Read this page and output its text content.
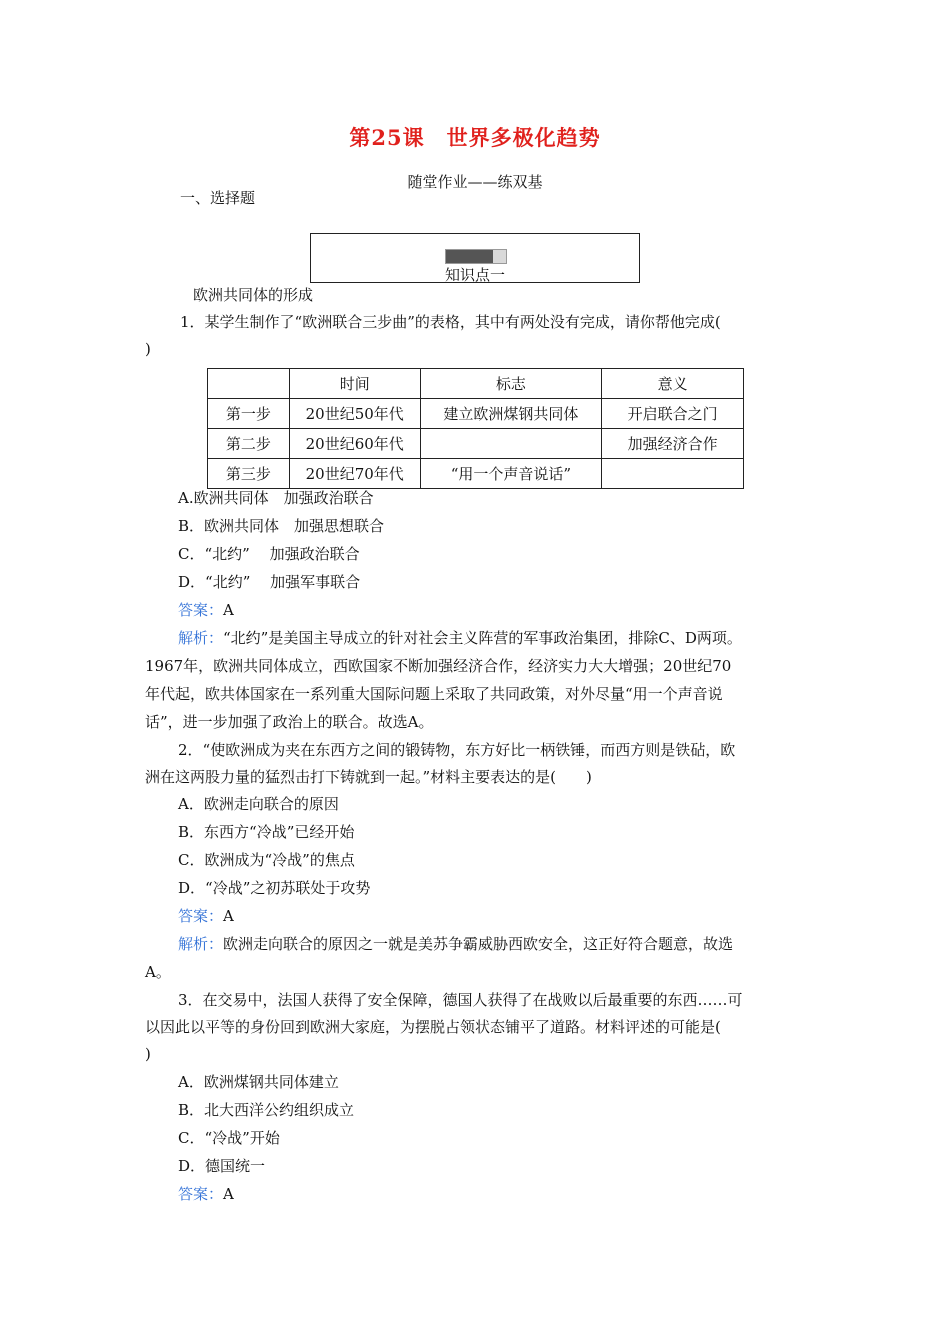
第25课 世界多极化趋势
随堂作业——练双基
一、选择题
知识点一
欧洲共同体的形成
1．某学生制作了“欧洲联合三步曲”的表格，其中有两处没有完成，请你帮他完成(
)
	时间	标志	意义
第一步	20世纪50年代	建立欧洲煤钢共同体	开启联合之门
第二步	20世纪60年代		加强经济合作
第三步	20世纪70年代	“用一个声音说话”	
A.欧洲共同体　加强政治联合
B．欧洲共同体　加强思想联合
C．“北约”　 加强政治联合
D．“北约”　 加强军事联合
答案：A
解析：“北约”是美国主导成立的针对社会主义阵营的军事政治集团，排除C、D两项。
1967年，欧洲共同体成立，西欧国家不断加强经济合作，经济实力大大增强；20世纪70
年代起，欧共体国家在一系列重大国际问题上采取了共同政策，对外尽量“用一个声音说
话”，进一步加强了政治上的联合。故选A。
2．“使欧洲成为夹在东西方之间的锻铸物，东方好比一柄铁锤，而西方则是铁砧，欧
洲在这两股力量的猛烈击打下铸就到一起。”材料主要表达的是(　　)
A．欧洲走向联合的原因
B．东西方“冷战”已经开始
C．欧洲成为“冷战”的焦点
D．“冷战”之初苏联处于攻势
答案：A
解析：欧洲走向联合的原因之一就是美苏争霸威胁西欧安全，这正好符合题意，故选
A。
3．在交易中，法国人获得了安全保障，德国人获得了在战败以后最重要的东西……可
以因此以平等的身份回到欧洲大家庭，为摆脱占领状态铺平了道路。材料评述的可能是(
)
A．欧洲煤钢共同体建立
B．北大西洋公约组织成立
C．“冷战”开始
D．德国统一
答案：A
